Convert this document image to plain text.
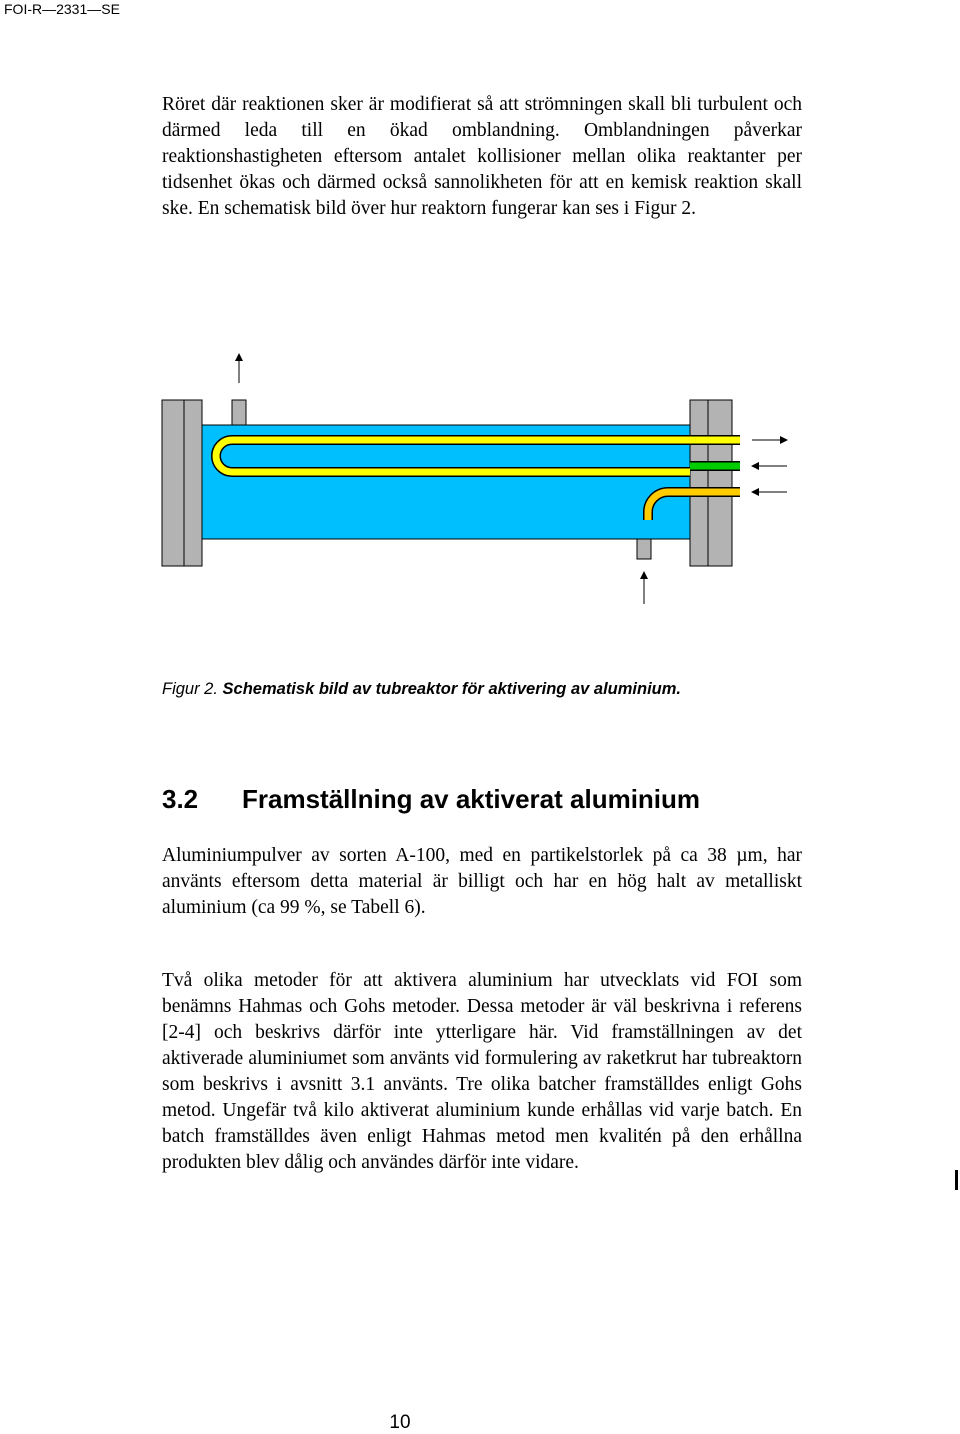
FOI-R—2331—SE
Röret där reaktionen sker är modifierat så att strömningen skall bli turbulent och därmed leda till en ökad omblandning. Omblandningen påverkar reaktionshastigheten eftersom antalet kollisioner mellan olika reaktanter per tidsenhet ökas och därmed också sannolikheten för att en kemisk reaktion skall ske. En schematisk bild över hur reaktorn fungerar kan ses i Figur 2.
Figur 2. Schematisk bild av tubreaktor för aktivering av aluminium.
3.2 Framställning av aktiverat aluminium
Aluminiumpulver av sorten A-100, med en partikelstorlek på ca 38 µm, har använts eftersom detta material är billigt och har en hög halt av metalliskt aluminium (ca 99 %, se Tabell 6).
Två olika metoder för att aktivera aluminium har utvecklats vid FOI som benämns Hahmas och Gohs metoder. Dessa metoder är väl beskrivna i referens [2-4] och beskrivs därför inte ytterligare här. Vid framställningen av det aktiverade aluminiumet som använts vid formulering av raketkrut har tubreaktorn som beskrivs i avsnitt 3.1 använts. Tre olika batcher framställdes enligt Gohs metod. Ungefär två kilo aktiverat aluminium kunde erhållas vid varje batch. En batch framställdes även enligt Hahmas metod men kvalitén på den erhållna produkten blev dålig och användes därför inte vidare.
10
